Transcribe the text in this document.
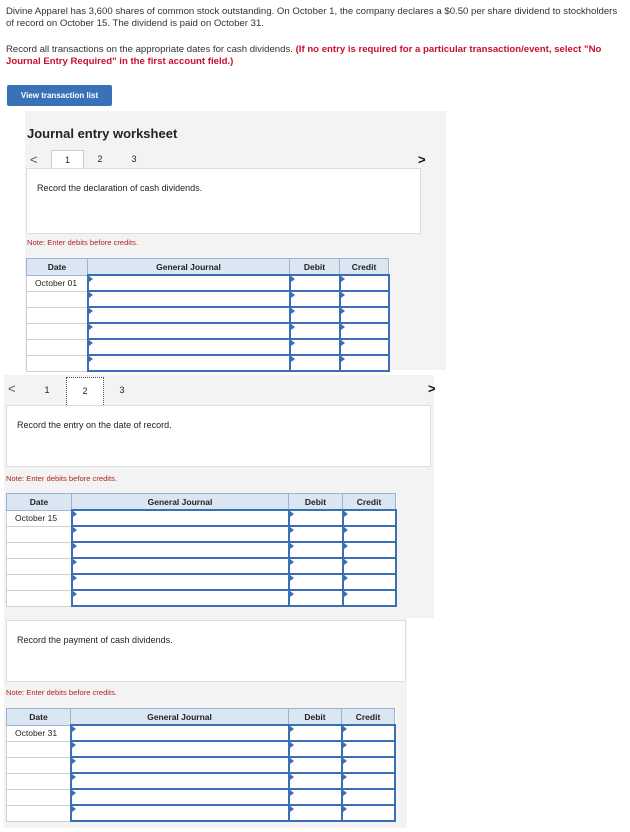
Divine Apparel has 3,600 shares of common stock outstanding. On October 1, the company declares a $0.50 per share dividend to stockholders of record on October 15. The dividend is paid on October 31.

Record all transactions on the appropriate dates for cash dividends. (If no entry is required for a particular transaction/event, select "No Journal Entry Required" in the first account field.)

View transaction list
Journal entry worksheet
<	1	2	3	>
Record the declaration of cash dividends.
Note: Enter debits before credits.
Date	General Journal	Debit	Credit
October 01			

<	1	2	3	>
Record the entry on the date of record.
Note: Enter debits before credits.
Date	General Journal	Debit	Credit
October 15			

Record the payment of cash dividends.
Note: Enter debits before credits.
Date	General Journal	Debit	Credit
October 31			
